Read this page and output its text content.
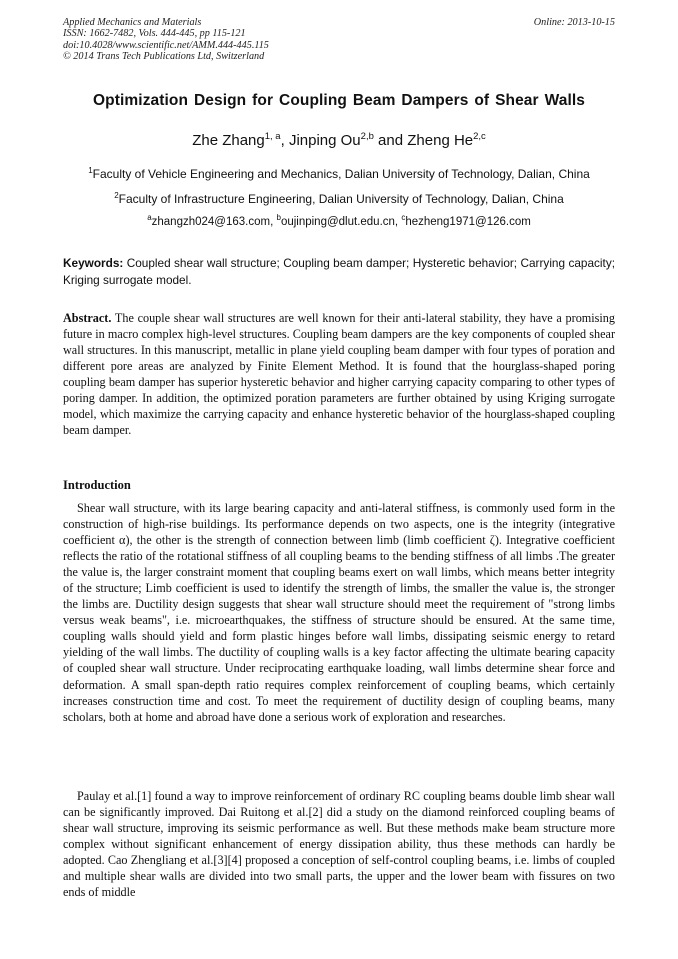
Applied Mechanics and Materials
ISSN: 1662-7482, Vols. 444-445, pp 115-121
doi:10.4028/www.scientific.net/AMM.444-445.115
© 2014 Trans Tech Publications Ltd, Switzerland
Online: 2013-10-15
Optimization Design for Coupling Beam Dampers of Shear Walls
Zhe Zhang$^{1, a}$, Jinping Ou$^{2,b}$ and Zheng He$^{2,c}$
$^1$Faculty of Vehicle Engineering and Mechanics, Dalian University of Technology, Dalian, China
$^2$Faculty of Infrastructure Engineering, Dalian University of Technology, Dalian, China
$^a$zhangzh024@163.com, $^b$oujinping@dlut.edu.cn, $^c$hezheng1971@126.com
Keywords: Coupled shear wall structure; Coupling beam damper; Hysteretic behavior; Carrying capacity; Kriging surrogate model.

Abstract. The couple shear wall structures are well known for their anti-lateral stability, they have a promising future in macro complex high-level structures. Coupling beam dampers are the key components of coupled shear wall structures. In this manuscript, metallic in plane yield coupling beam damper with four types of poration and different pore areas are analyzed by Finite Element Method. It is found that the hourglass-shaped poring coupling beam damper has superior hysteretic behavior and higher carrying capacity comparing to other types of poring damper. In addition, the optimized poration parameters are further obtained by using Kriging surrogate model, which maximize the carrying capacity and enhance hysteretic behavior of the hourglass-shaped coupling beam damper.

Introduction

Shear wall structure, with its large bearing capacity and anti-lateral stiffness, is commonly used form in the construction of high-rise buildings. Its performance depends on two aspects, one is the integrity (integrative coefficient α), the other is the strength of connection between limb (limb coefficient ζ). Integrative coefficient reflects the ratio of the rotational stiffness of all coupling beams to the bending stiffness of all limbs .The greater the value is, the larger constraint moment that coupling beams exert on wall limbs, which means better integrity of the structure; Limb coefficient is used to identify the strength of limbs, the smaller the value is, the stronger the limbs are. Ductility design suggests that shear wall structure should meet the requirement of "strong limbs versus weak beams", i.e. microearthquakes, the stiffness of structure should be ensured. At the same time, coupling walls should yield and form plastic hinges before wall limbs, dissipating seismic energy to retard yielding of the wall limbs. The ductility of coupling walls is a key factor affecting the ultimate bearing capacity of coupled shear wall structure. Under reciprocating earthquake loading, wall limbs determine shear force and deformation. A small span-depth ratio requires complex reinforcement of coupling beams, which certainly increases construction time and cost. To meet the requirement of ductility design of coupling beams, many scholars, both at home and abroad have done a serious work of exploration and researches.

Paulay et al.[1] found a way to improve reinforcement of ordinary RC coupling beams double limb shear wall can be significantly improved. Dai Ruitong et al.[2] did a study on the diamond reinforced coupling beams of shear wall structure, improving its seismic performance as well. But these methods make beam structure more complex without significant enhancement of energy dissipation ability, thus these methods can hardly be adopted. Cao Zhengliang et al.[3][4] proposed a conception of self-control coupling beams, i.e. limbs of coupled and multiple shear walls are divided into two small parts, the upper and the lower beam with fissures on two ends of middle
